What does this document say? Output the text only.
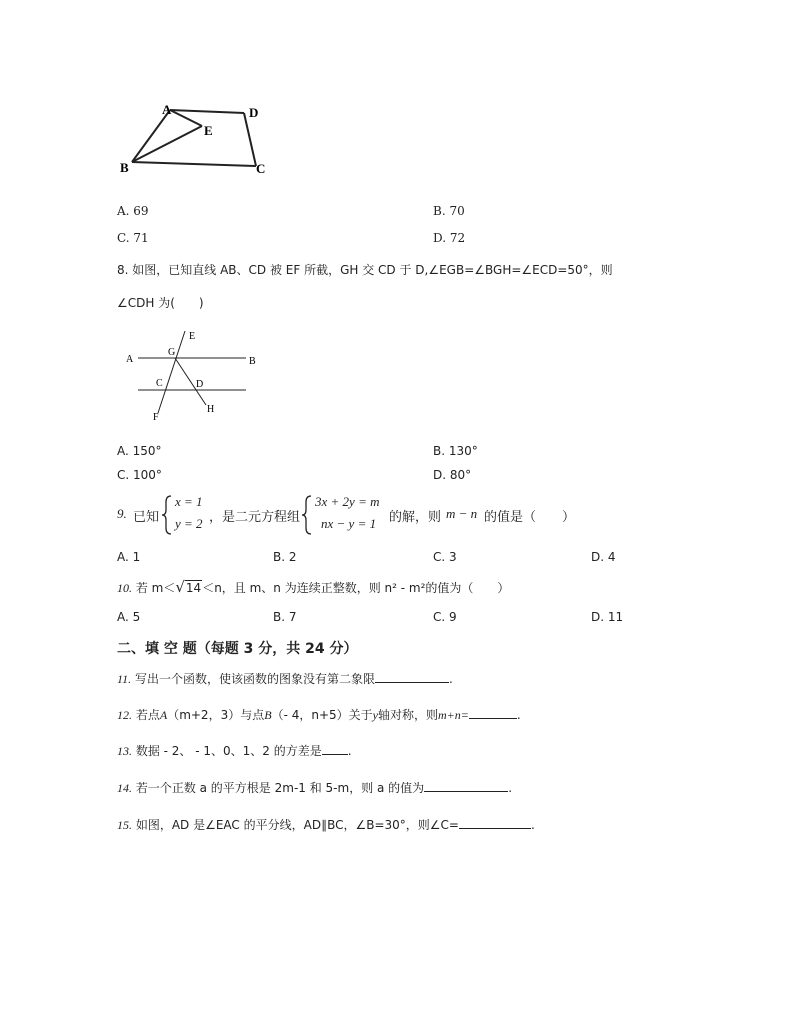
A	D
E
B	C
A. 69	B. 70
C. 71	D. 72
8. 如图，已知直线 AB、CD 被 EF 所截，GH 交 CD 于 D,∠EGB=∠BGH=∠ECD=50°，则
∠CDH 为(　　)
A	B
G
E
C	D
F
H
A. 150°	B. 130°
C. 100°	D. 80°
9. 已知
x = 1
y = 2 ，是二元方程组
3x + 2y = m
nx − y = 1 的解，则 m − n 的值是（　　）
A. 1	B. 2	C. 3	D. 4
10. 若 m＜√14＜n，且 m、n 为连续正整数，则 n² - m²的值为（　　）
A. 5	B. 7	C. 9	D. 11
二、填 空 题（每题 3 分，共 24 分）
11. 写出一个函数，使该函数的图象没有第二象限	.
12. 若点A（m+2，3）与点B（- 4，n+5）关于y轴对称，则m+n=	.
13. 数据 - 2、 - 1、0、1、2 的方差是 .
14. 若一个正数 a 的平方根是 2m-1 和 5-m，则 a 的值为	.
15. 如图，AD 是∠EAC 的平分线，AD∥BC，∠B=30°，则∠C=	.
